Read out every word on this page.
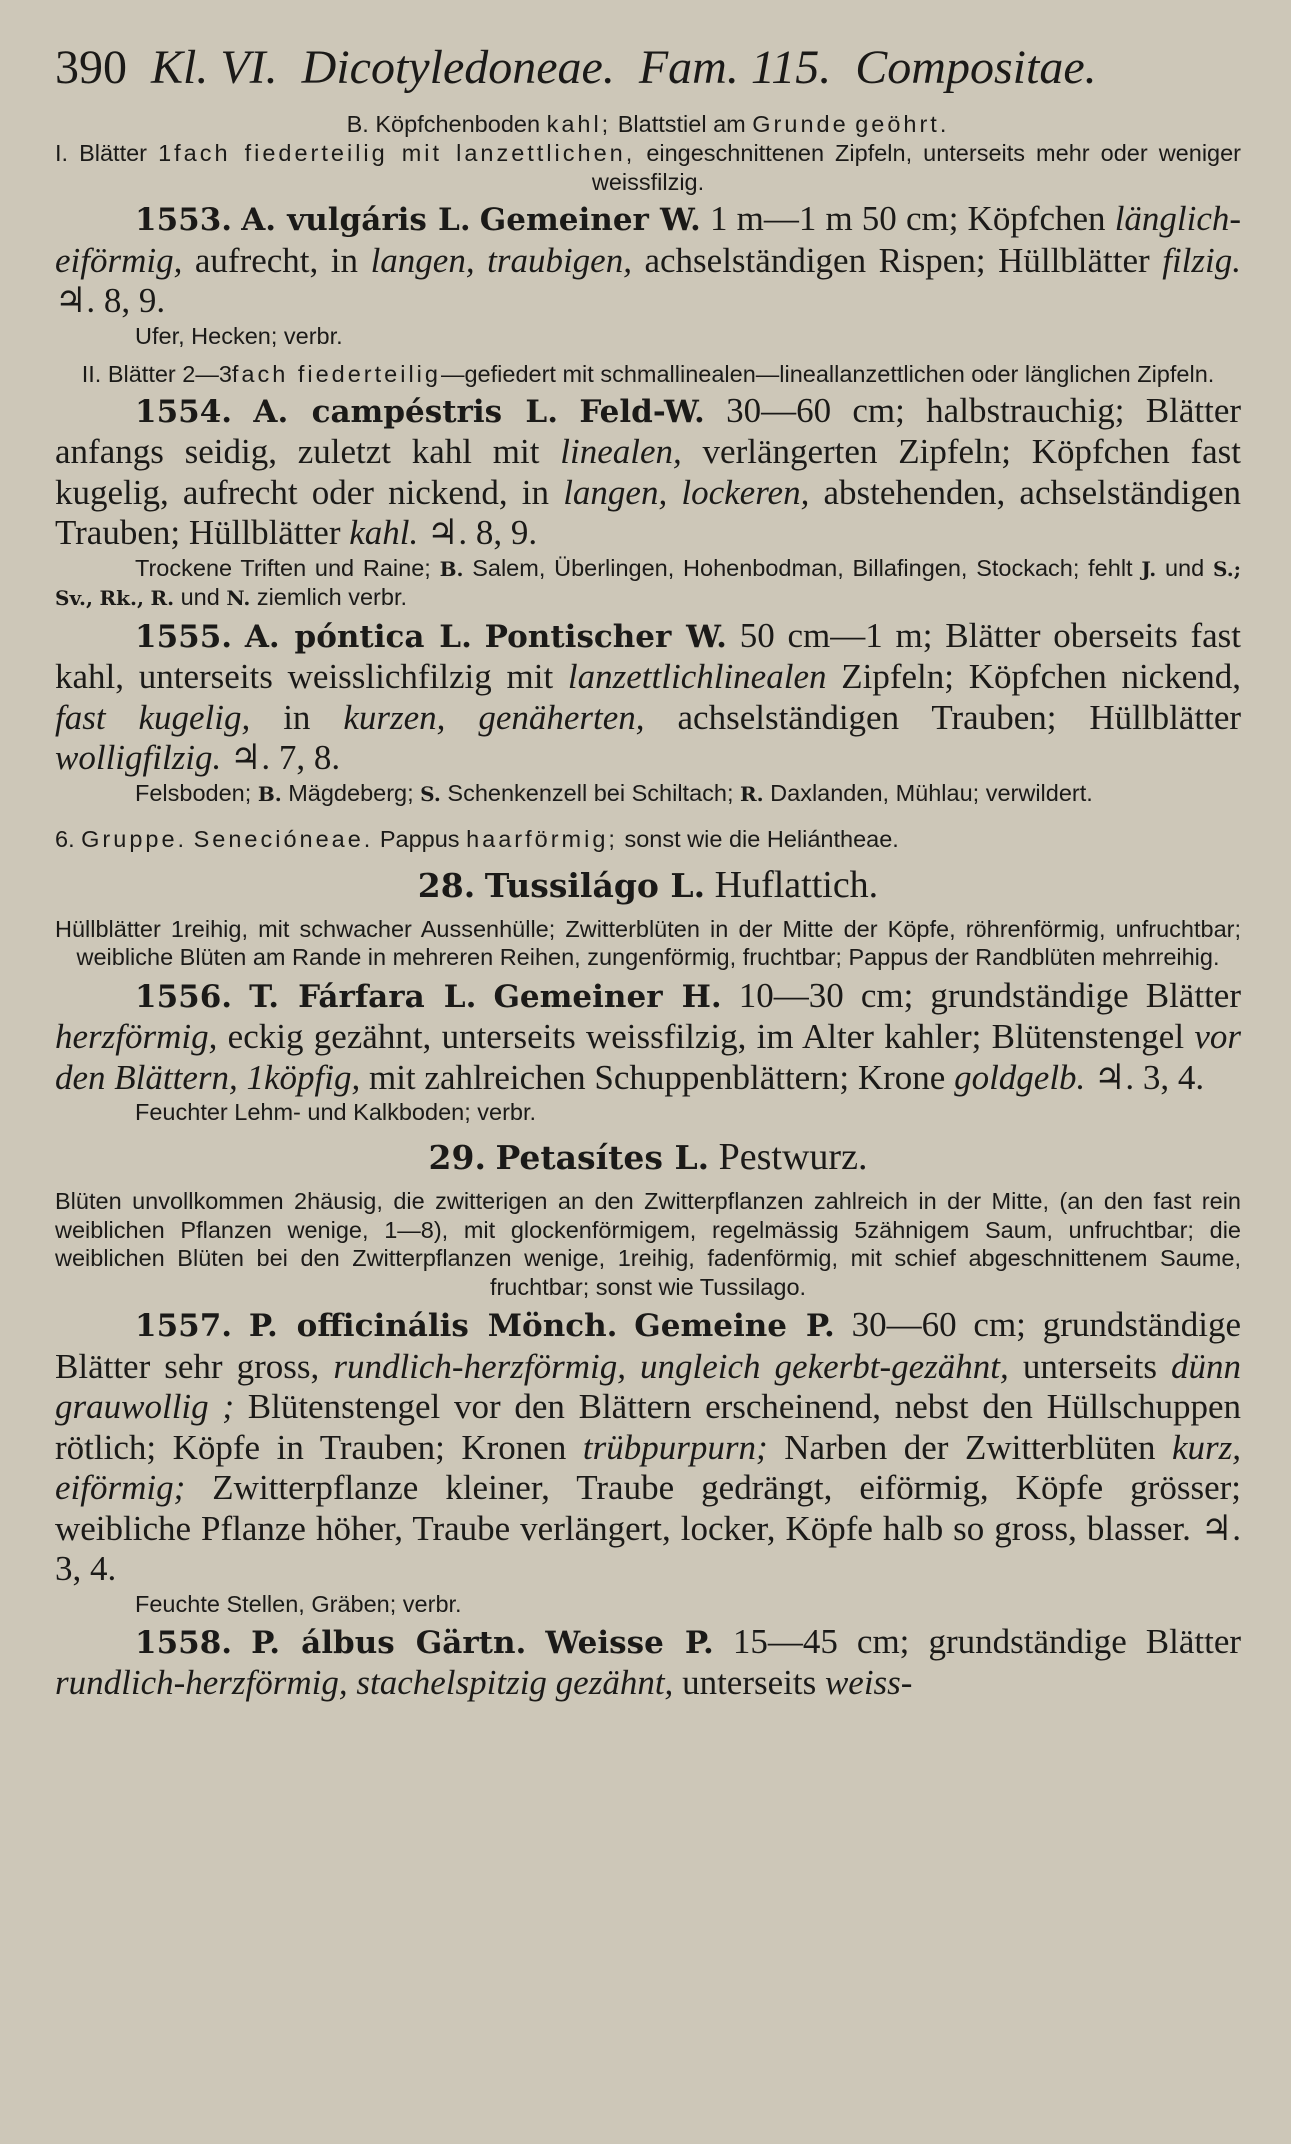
390 Kl. VI. Dicotyledoneae. Fam. 115. Compositae.
B. Köpfchenboden kahl; Blattstiel am Grunde geöhrt.
I. Blätter 1fach fiederteilig mit lanzettlichen, eingeschnittenen Zipfeln, unterseits mehr oder weniger weissfilzig.
1553. A. vulgáris L. Gemeiner W. 1 m—1 m 50 cm; Köpfchen länglich-eiförmig, aufrecht, in langen, traubigen, achselständigen Rispen; Hüllblätter filzig. ♃. 8, 9.
Ufer, Hecken; verbr.
II. Blätter 2—3fach fiederteilig—gefiedert mit schmallinealen—lineallanzettlichen oder länglichen Zipfeln.
1554. A. campéstris L. Feld-W. 30—60 cm; halbstrauchig; Blätter anfangs seidig, zuletzt kahl mit linealen, verlängerten Zipfeln; Köpfchen fast kugelig, aufrecht oder nickend, in langen, lockeren, abstehenden, achselständigen Trauben; Hüllblätter kahl. ♃. 8, 9.
Trockene Triften und Raine; B. Salem, Überlingen, Hohenbodman, Billafingen, Stockach; fehlt J. und S.; Sv., Rk., R. und N. ziemlich verbr.
1555. A. póntica L. Pontischer W. 50 cm—1 m; Blätter oberseits fast kahl, unterseits weisslichfilzig mit lanzettlichlinealen Zipfeln; Köpfchen nickend, fast kugelig, in kurzen, genäherten, achselständigen Trauben; Hüllblätter wolligfilzig. ♃. 7, 8.
Felsboden; B. Mägdeberg; S. Schenkenzell bei Schiltach; R. Daxlanden, Mühlau; verwildert.
6. Gruppe. Senecióneae. Pappus haarförmig; sonst wie die Heliántheae.
28. Tussilágo L. Huflattich.
Hüllblätter 1reihig, mit schwacher Aussenhülle; Zwitterblüten in der Mitte der Köpfe, röhrenförmig, unfruchtbar; weibliche Blüten am Rande in mehreren Reihen, zungenförmig, fruchtbar; Pappus der Randblüten mehrreihig.
1556. T. Fárfara L. Gemeiner H. 10—30 cm; grundständige Blätter herzförmig, eckig gezähnt, unterseits weissfilzig, im Alter kahler; Blütenstengel vor den Blättern, 1köpfig, mit zahlreichen Schuppenblättern; Krone goldgelb. ♃. 3, 4.
Feuchter Lehm- und Kalkboden; verbr.
29. Petasítes L. Pestwurz.
Blüten unvollkommen 2häusig, die zwitterigen an den Zwitterpflanzen zahlreich in der Mitte, (an den fast rein weiblichen Pflanzen wenige, 1—8), mit glockenförmigem, regelmässig 5zähnigem Saum, unfruchtbar; die weiblichen Blüten bei den Zwitterpflanzen wenige, 1reihig, fadenförmig, mit schief abgeschnittenem Saume, fruchtbar; sonst wie Tussilago.
1557. P. officinális Mönch. Gemeine P. 30—60 cm; grundständige Blätter sehr gross, rundlich-herzförmig, ungleich gekerbt-gezähnt, unterseits dünn grauwollig ; Blütenstengel vor den Blättern erscheinend, nebst den Hüllschuppen rötlich; Köpfe in Trauben; Kronen trübpurpurn; Narben der Zwitterblüten kurz, eiförmig; Zwitterpflanze kleiner, Traube gedrängt, eiförmig, Köpfe grösser; weibliche Pflanze höher, Traube verlängert, locker, Köpfe halb so gross, blasser. ♃. 3, 4.
Feuchte Stellen, Gräben; verbr.
1558. P. álbus Gärtn. Weisse P. 15—45 cm; grundständige Blätter rundlich-herzförmig, stachelspitzig gezähnt, unterseits weiss-
